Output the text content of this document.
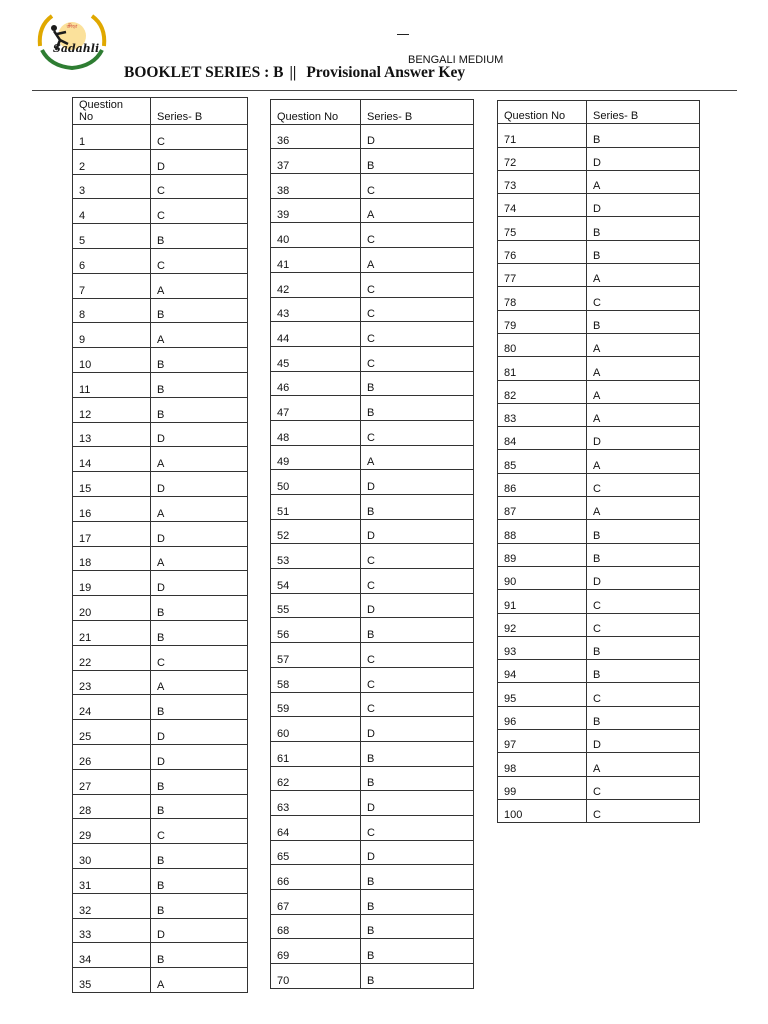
ক্রীড়া
Sadahli
BENGALI MEDIUM
BOOKLET SERIES : B || Provisional Answer Key
Question
No	Series- B
1	C
2	D
3	C
4	C
5	B
6	C
7	A
8	B
9	A
10	B
11	B
12	B
13	D
14	A
15	D
16	A
17	D
18	A
19	D
20	B
21	B
22	C
23	A
24	B
25	D
26	D
27	B
28	B
29	C
30	B
31	B
32	B
33	D
34	B
35	A
Question No	Series- B
36	D
37	B
38	C
39	A
40	C
41	A
42	C
43	C
44	C
45	C
46	B
47	B
48	C
49	A
50	D
51	B
52	D
53	C
54	C
55	D
56	B
57	C
58	C
59	C
60	D
61	B
62	B
63	D
64	C
65	D
66	B
67	B
68	B
69	B
70	B
Question No	Series- B
71	B
72	D
73	A
74	D
75	B
76	B
77	A
78	C
79	B
80	A
81	A
82	A
83	A
84	D
85	A
86	C
87	A
88	B
89	B
90	D
91	C
92	C
93	B
94	B
95	C
96	B
97	D
98	A
99	C
100	C
